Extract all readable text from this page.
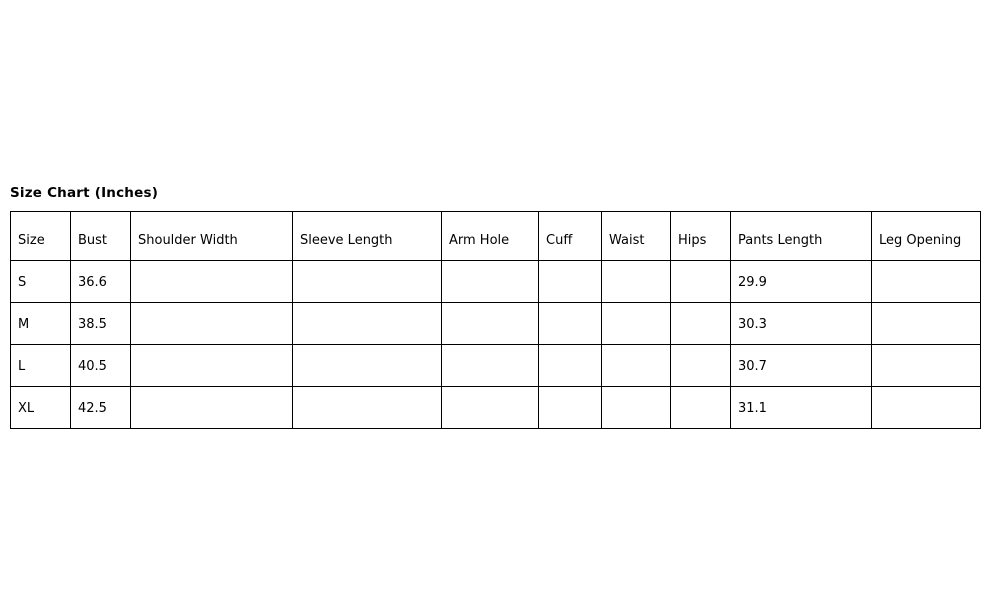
Size Chart (Inches)
Size	Bust	Shoulder Width	Sleeve Length	Arm Hole	Cuff	Waist	Hips	Pants Length	Leg Opening
S	36.6							29.9	
M	38.5							30.3	
L	40.5							30.7	
XL	42.5							31.1	
